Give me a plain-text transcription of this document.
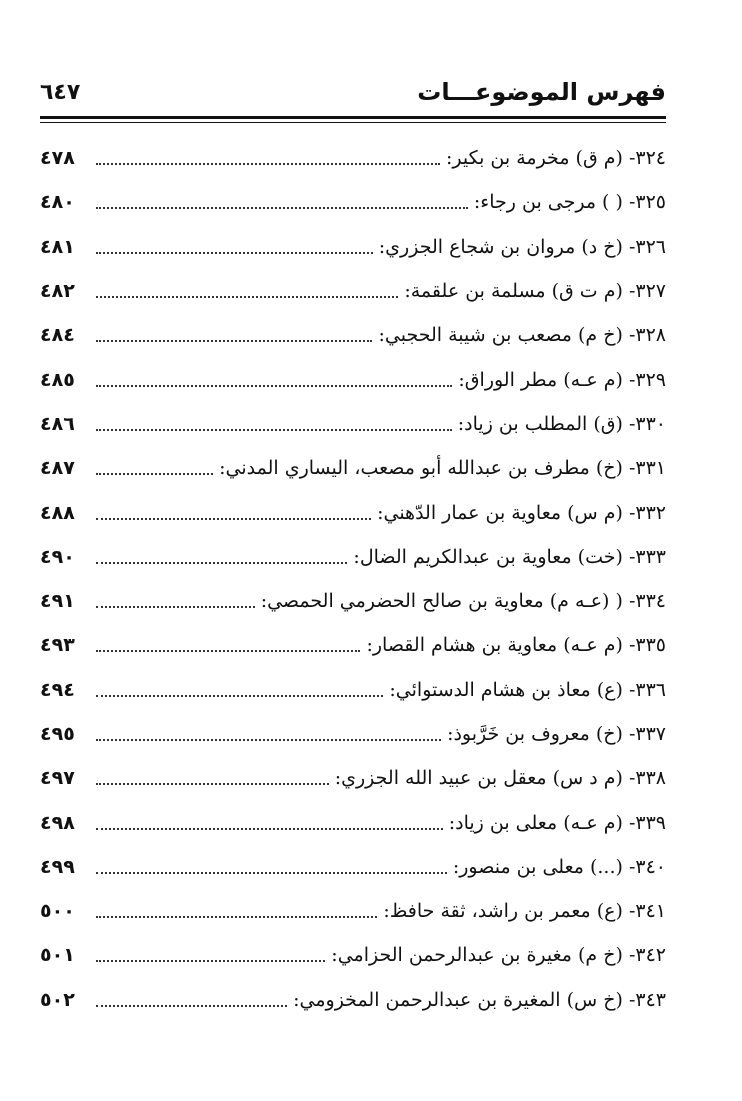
فهرس الموضوعـــات
٦٤٧
٣٢٤- (م ق) مخرمة بن بكير:
٤٧٨
٣٢٥- ( ) مرجى بن رجاء:
٤٨٠
٣٢٦- (خ د) مروان بن شجاع الجزري:
٤٨١
٣٢٧- (م ت ق) مسلمة بن علقمة:
٤٨٢
٣٢٨- (خ م) مصعب بن شيبة الحجبي:
٤٨٤
٣٢٩- (م عـه) مطر الوراق:
٤٨٥
٣٣٠- (ق) المطلب بن زياد:
٤٨٦
٣٣١- (خ) مطرف بن عبدالله أبو مصعب، اليساري المدني:
٤٨٧
٣٣٢- (م س) معاوية بن عمار الدّهني:
٤٨٨
٣٣٣- (خت) معاوية بن عبدالكريم الضال:
٤٩٠
٣٣٤- ( (عـه م) معاوية بن صالح الحضرمي الحمصي:
٤٩١
٣٣٥- (م عـه) معاوية بن هشام القصار:
٤٩٣
٣٣٦- (ع) معاذ بن هشام الدستوائي:
٤٩٤
٣٣٧- (خ) معروف بن خَرَّبوذ:
٤٩٥
٣٣٨- (م د س) معقل بن عبيد الله الجزري:
٤٩٧
٣٣٩- (م عـه) معلى بن زياد:
٤٩٨
٣٤٠- (...) معلى بن منصور:
٤٩٩
٣٤١- (ع) معمر بن راشد، ثقة حافظ:
٥٠٠
٣٤٢- (خ م) مغيرة بن عبدالرحمن الحزامي:
٥٠١
٣٤٣- (خ س) المغيرة بن عبدالرحمن المخزومي:
٥٠٢
